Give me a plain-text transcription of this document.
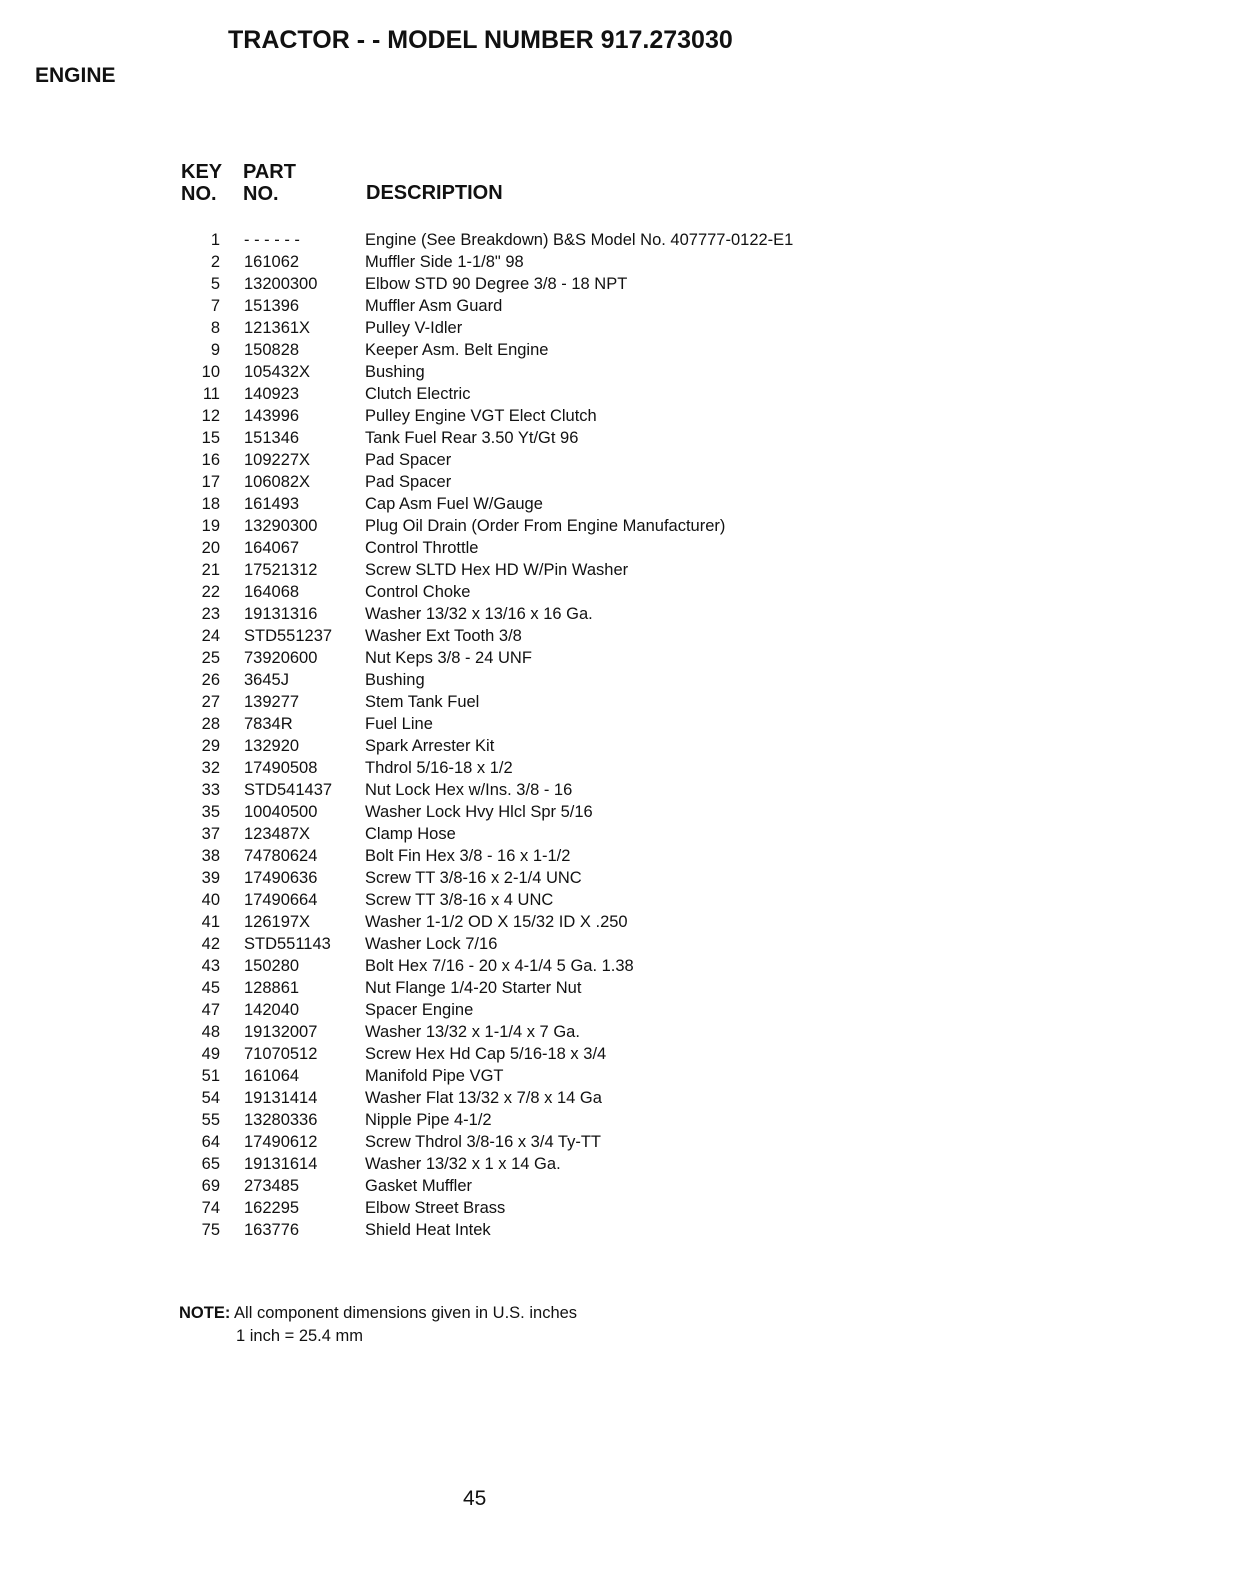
TRACTOR - - MODEL NUMBER 917.273030
ENGINE
KEY
NO.
PART
NO.	DESCRIPTION
1 - - - - - -	Engine (See Breakdown) B&S Model No. 407777-0122-E1
2 161062	Muffler Side 1-1/8" 98
5 13200300	Elbow STD 90 Degree 3/8 - 18 NPT
7 151396	Muffler Asm Guard
8 121361X	Pulley V-Idler
9 150828	Keeper Asm. Belt Engine
10 105432X	Bushing
11 140923	Clutch Electric
12 143996	Pulley Engine VGT Elect Clutch
15 151346	Tank Fuel Rear 3.50 Yt/Gt 96
16 109227X	Pad Spacer
17 106082X	Pad Spacer
18 161493	Cap Asm Fuel W/Gauge
19 13290300	Plug Oil Drain (Order From Engine Manufacturer)
20 164067	Control Throttle
21 17521312	Screw SLTD Hex HD W/Pin Washer
22 164068	Control Choke
23 19131316	Washer 13/32 x 13/16 x 16 Ga.
24 STD551237 Washer Ext Tooth 3/8
25 73920600	Nut Keps 3/8 - 24 UNF
26 3645J	Bushing
27 139277	Stem Tank Fuel
28 7834R	Fuel Line
29 132920	Spark Arrester Kit
32 17490508	Thdrol 5/16-18 x 1/2
33 STD541437 Nut Lock Hex w/Ins. 3/8 - 16
35 10040500	Washer Lock Hvy Hlcl Spr 5/16
37 123487X	Clamp Hose
38 74780624	Bolt Fin Hex 3/8 - 16 x 1-1/2
39 17490636	Screw TT 3/8-16 x 2-1/4 UNC
40 17490664	Screw TT 3/8-16 x 4 UNC
41 126197X	Washer 1-1/2 OD X 15/32 ID X .250
42 STD551143 Washer Lock 7/16
43 150280	Bolt Hex 7/16 - 20 x 4-1/4 5 Ga. 1.38
45 128861	Nut Flange 1/4-20 Starter Nut
47 142040	Spacer Engine
48 19132007	Washer 13/32 x 1-1/4 x 7 Ga.
49 71070512	Screw Hex Hd Cap 5/16-18 x 3/4
51 161064	Manifold Pipe VGT
54 19131414	Washer Flat 13/32 x 7/8 x 14 Ga
55 13280336	Nipple Pipe 4-1/2
64 17490612	Screw Thdrol 3/8-16 x 3/4 Ty-TT
65 19131614	Washer 13/32 x 1 x 14 Ga.
69 273485	Gasket Muffler
74 162295	Elbow Street Brass
75 163776	Shield Heat Intek
NOTE: All component dimensions given in U.S. inches
1 inch = 25.4 mm
45
